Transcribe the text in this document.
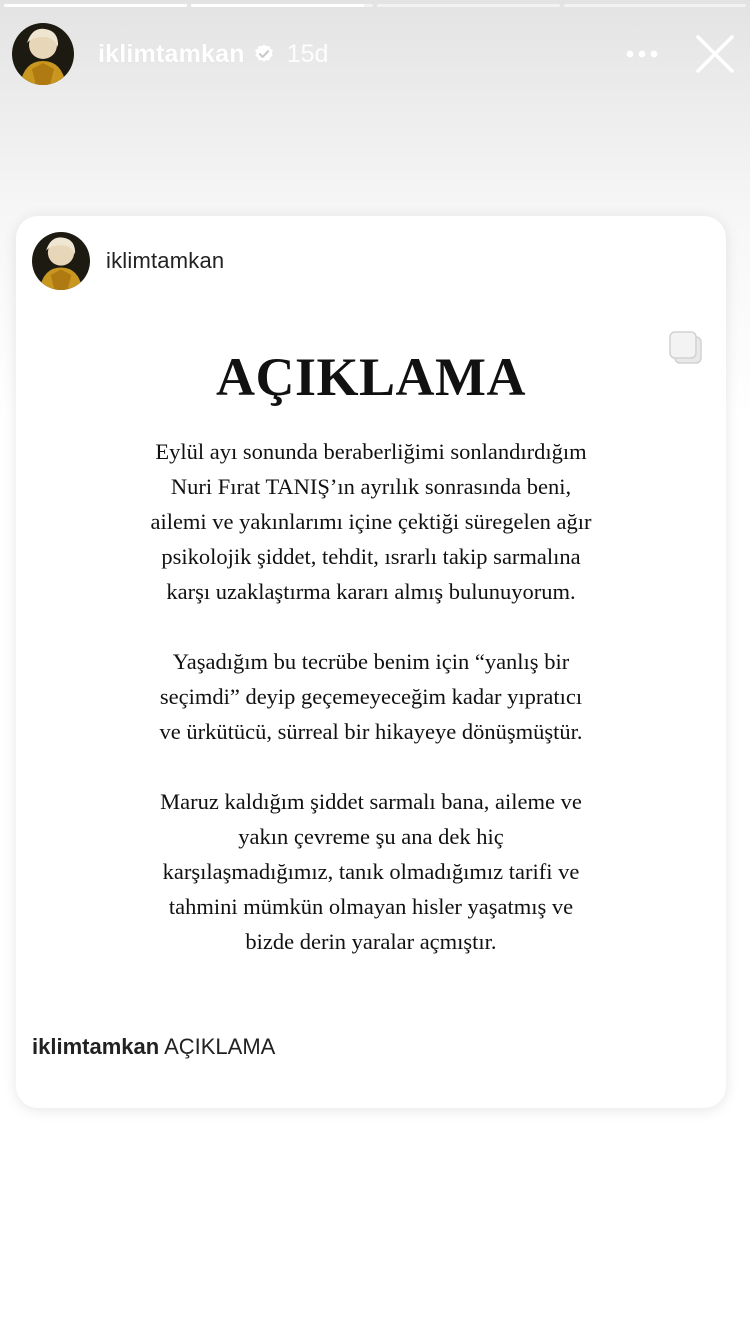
iklimtamkan 15d
iklimtamkan
AÇIKLAMA

Eylül ayı sonunda beraberliğimi sonlandırdığım

Nuri Fırat TANIŞ’ın ayrılık sonrasında beni,

ailemi ve yakınlarımı içine çektiği süregelen ağır

psikolojik şiddet, tehdit, ısrarlı takip sarmalına

karşı uzaklaştırma kararı almış bulunuyorum.

Yaşadığım bu tecrübe benim için “yanlış bir

seçimdi” deyip geçemeyeceğim kadar yıpratıcı

ve ürkütücü, sürreal bir hikayeye dönüşmüştür.

Maruz kaldığım şiddet sarmalı bana, aileme ve

yakın çevreme şu ana dek hiç

karşılaşmadığımız, tanık olmadığımız tarifi ve

tahmini mümkün olmayan hisler yaşatmış ve

bizde derin yaralar açmıştır.

iklimtamkan AÇIKLAMA
